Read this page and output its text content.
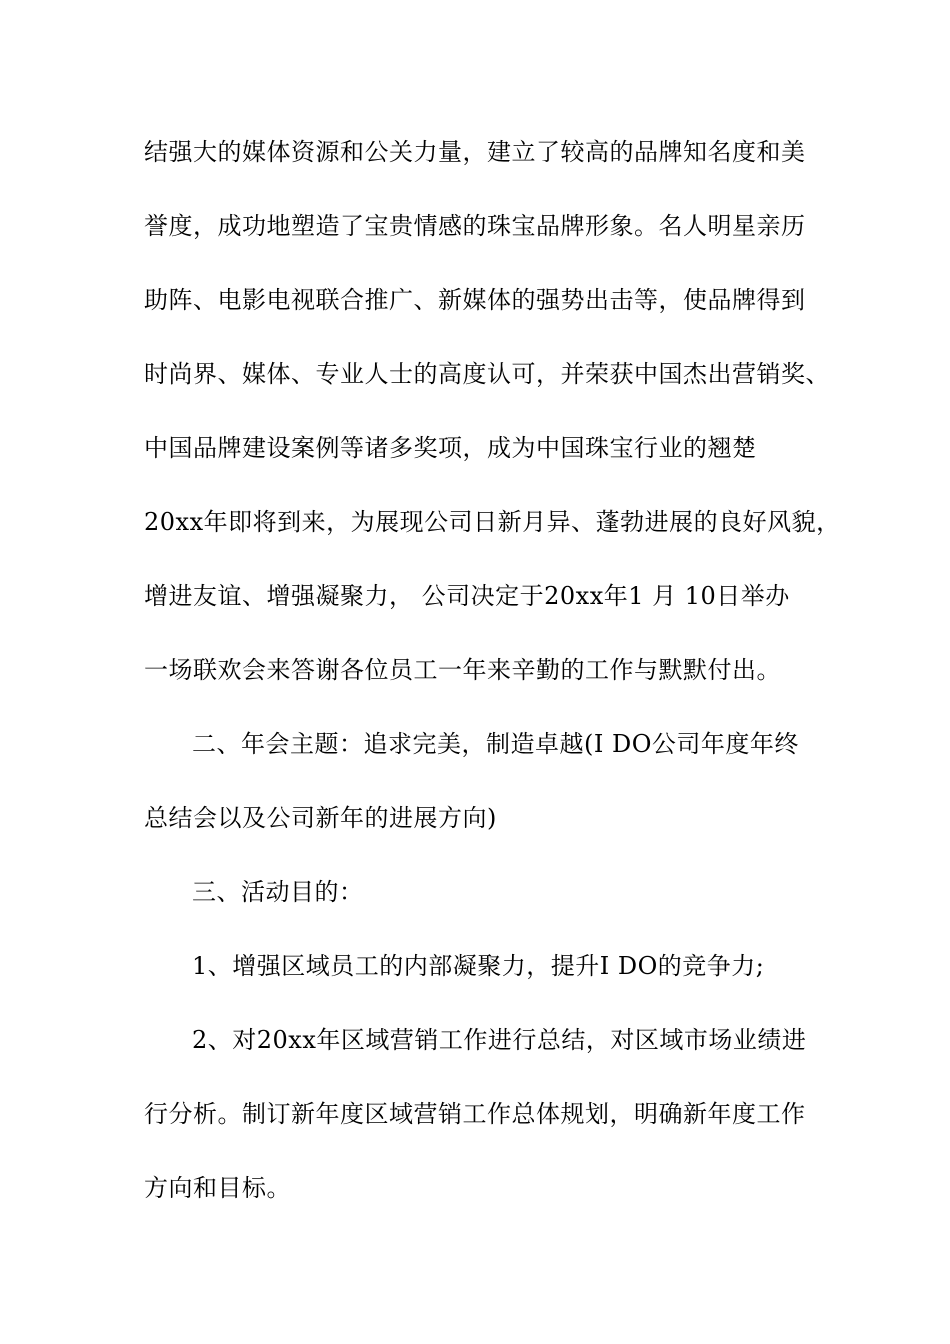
结强大的媒体资源和公关力量，建立了较高的品牌知名度和美
誉度，成功地塑造了宝贵情感的珠宝品牌形象。名人明星亲历
助阵、电影电视联合推广、新媒体的强势出击等，使品牌得到
时尚界、媒体、专业人士的高度认可，并荣获中国杰出营销奖、
中国品牌建设案例等诸多奖项，成为中国珠宝行业的翘楚
20xx年即将到来，为展现公司日新月异、蓬勃进展的良好风貌，
增进友谊、增强凝聚力， 公司决定于20xx年1 月 10日举办
一场联欢会来答谢各位员工一年来辛勤的工作与默默付出。
二、年会主题：追求完美，制造卓越(I DO公司年度年终
总结会以及公司新年的进展方向)
三、活动目的：
1、增强区域员工的内部凝聚力，提升I DO的竞争力;
2、对20xx年区域营销工作进行总结，对区域市场业绩进
行分析。制订新年度区域营销工作总体规划，明确新年度工作
方向和目标。
